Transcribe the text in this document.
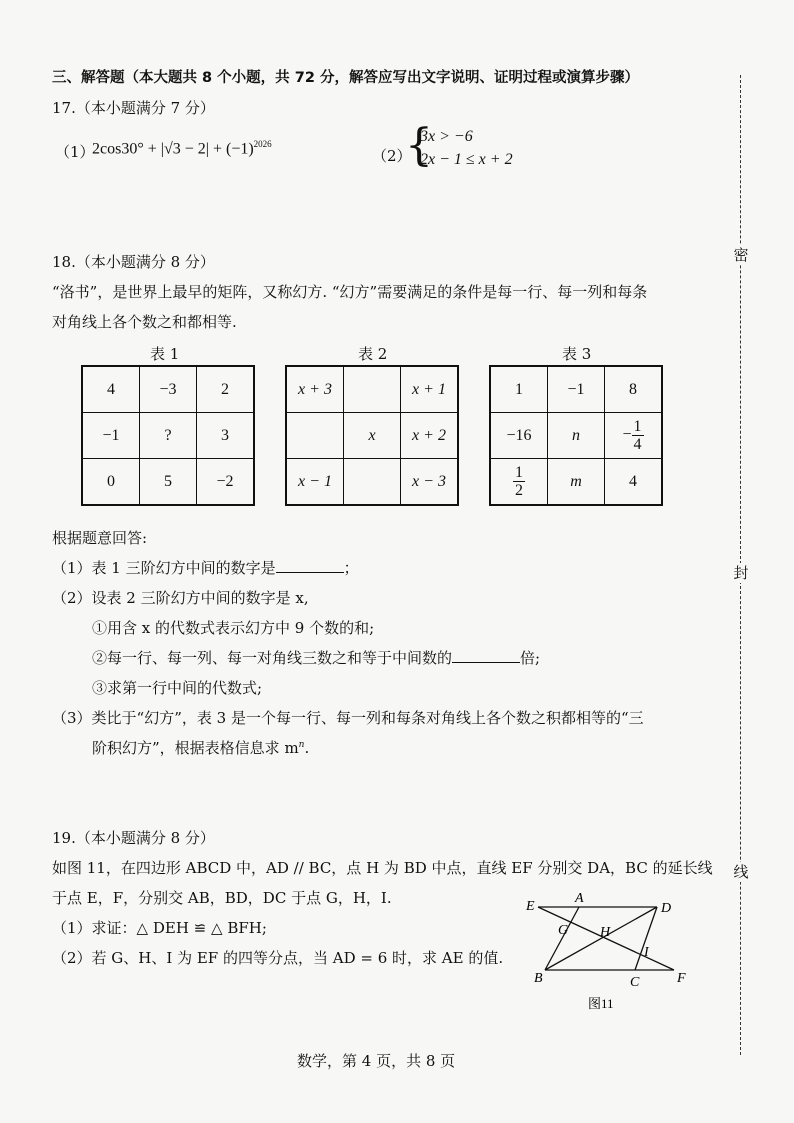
密
封
线
三、解答题（本大题共 8 个小题，共 72 分，解答应写出文字说明、证明过程或演算步骤）
17.（本小题满分 7 分）
（1）
$2\cos 30^\circ + |√3 - 2| + (-1)^{2026}$
（2）
{
3x > −6
2x − 1 ≤ x + 2
18.（本小题满分 8 分）
“洛书”，是世界上最早的矩阵，又称幻方. “幻方”需要满足的条件是每一行、每一列和每条
对角线上各个数之和都相等.
表 1	表 2	表 3
4	−3	2
−1	?	3
0	5	−2
x + 3		x + 1
	x	x + 2
x − 1		x − 3
1	−1	8
−16	n	− $\frac{1}{4}$

$\frac{1}{2}$	m	4
根据题意回答:
（1）表 1 三阶幻方中间的数字是	；
（2）设表 2 三阶幻方中间的数字是 x,
①用含 x 的代数式表示幻方中 9 个数的和;
②每一行、每一列、每一对角线三数之和等于中间数的	倍;
③求第一行中间的代数式;
（3）类比于“幻方”，表 3 是一个每一行、每一列和每条对角线上各个数之积都相等的“三
阶积幻方”，根据表格信息求 $m^n$.
19.（本小题满分 8 分）
如图 11，在四边形 ABCD 中，AD // BC，点 H 为 BD 中点，直线 EF 分别交 DA，BC 的延长线
于点 E，F，分别交 AB，BD，DC 于点 G，H，I.
（1）求证：△ DEH ≌ △ BFH;
（2）若 G、H、I 为 EF 的四等分点，当 AD = 6 时，求 AE 的值.
E
A
D
G H
I
B	C	F
图11
数学，第 4 页，共 8 页
